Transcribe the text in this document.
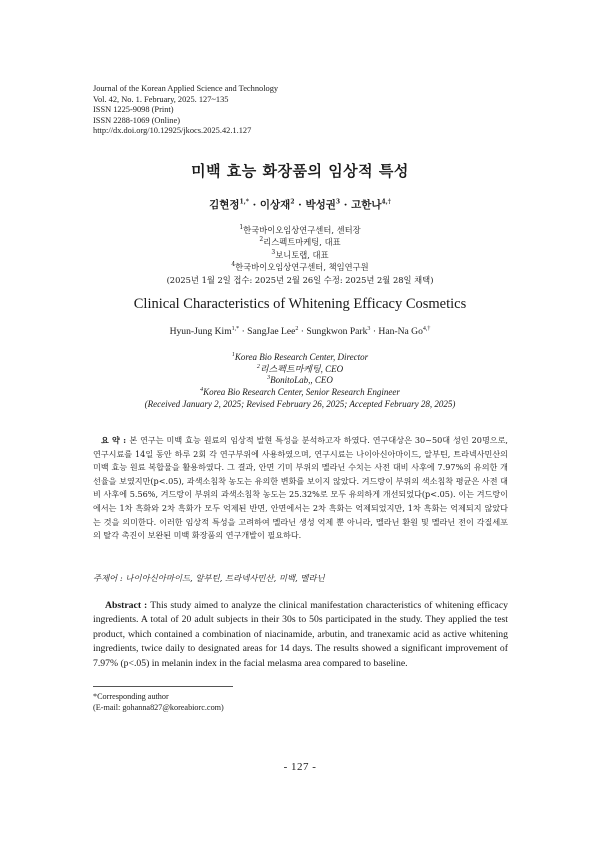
Journal of the Korean Applied Science and Technology
Vol. 42, No. 1. February, 2025. 127~135
ISSN 1225-9098 (Print)
ISSN 2288-1069 (Online)
http://dx.doi.org/10.12925/jkocs.2025.42.1.127
미백 효능 화장품의 임상적 특성
김현정$^{1,*}$ · 이상재$^2$ · 박성권$^3$ · 고한나$^{4,\dagger}$
$^1$한국바이오임상연구센터, 센터장
$^2$리스펙트마케팅, 대표
$^3$보니토랩, 대표
$^4$한국바이오임상연구센터, 책임연구원
(2025년 1월 2일 접수: 2025년 2월 26일 수정: 2025년 2월 28일 채택)
Clinical Characteristics of Whitening Efficacy Cosmetics
Hyun-Jung Kim$^{1,*}$ · SangJae Lee$^2$ · Sungkwon Park$^3$ · Han-Na $Go^{4,\dagger}$
$^1$Korea Bio Research Center, Director
$^2$리스펙트마케팅, CEO
$^3$BonitoLab,, CEO
$^4$Korea Bio Research Center, Senior Research Engineer
(Received January 2, 2025; Revised February 26, 2025; Accepted February 28, 2025)
요 약 : 본 연구는 미백 효능 원료의 임상적 발현 특성을 분석하고자 하였다. 연구대상은 30~50대 성인 20명으로, 연구시료를 14일 동안 하루 2회 각 연구부위에 사용하였으며, 연구시료는 나이아신아마이드, 알부틴, 트라넥사민산의 미백 효능 원료 복합물을 활용하였다. 그 결과, 안면 기미 부위의 멜라닌 수치는 사전 대비 사후에 7.97%의 유의한 개선율을 보였지만(p<.05), 과색소침착 농도는 유의한 변화를 보이지 않았다. 겨드랑이 부위의 색소침착 평균은 사전 대비 사후에 5.56%, 겨드랑이 부위의 과색소침착 농도는 25.32%로 모두 유의하게 개선되었다(p<.05). 이는 겨드랑이에서는 1차 흑화와 2차 흑화가 모두 억제된 반면, 안면에서는 2차 흑화는 억제되었지만, 1차 흑화는 억제되지 않았다는 것을 의미한다. 이러한 임상적 특성을 고려하여 멜라닌 생성 억제 뿐 아니라, 멜라닌 환원 및 멜라닌 전이 각질세포의 탈각 촉진이 보완된 미백 화장품의 연구개발이 필요하다.
주제어 : 나이아신아마이드, 알부틴, 트라넥사민산, 미백, 멜라닌
Abstract : This study aimed to analyze the clinical manifestation characteristics of whitening efficacy ingredients. A total of 20 adult subjects in their 30s to 50s participated in the study. They applied the test product, which contained a combination of niacinamide, arbutin, and tranexamic acid as active whitening ingredients, twice daily to designated areas for 14 days. The results showed a significant improvement of 7.97% (p<.05) in melanin index in the facial melasma area compared to baseline.
*Corresponding author
(E-mail: gohanna827@koreabiorc.com)
- 127 -
